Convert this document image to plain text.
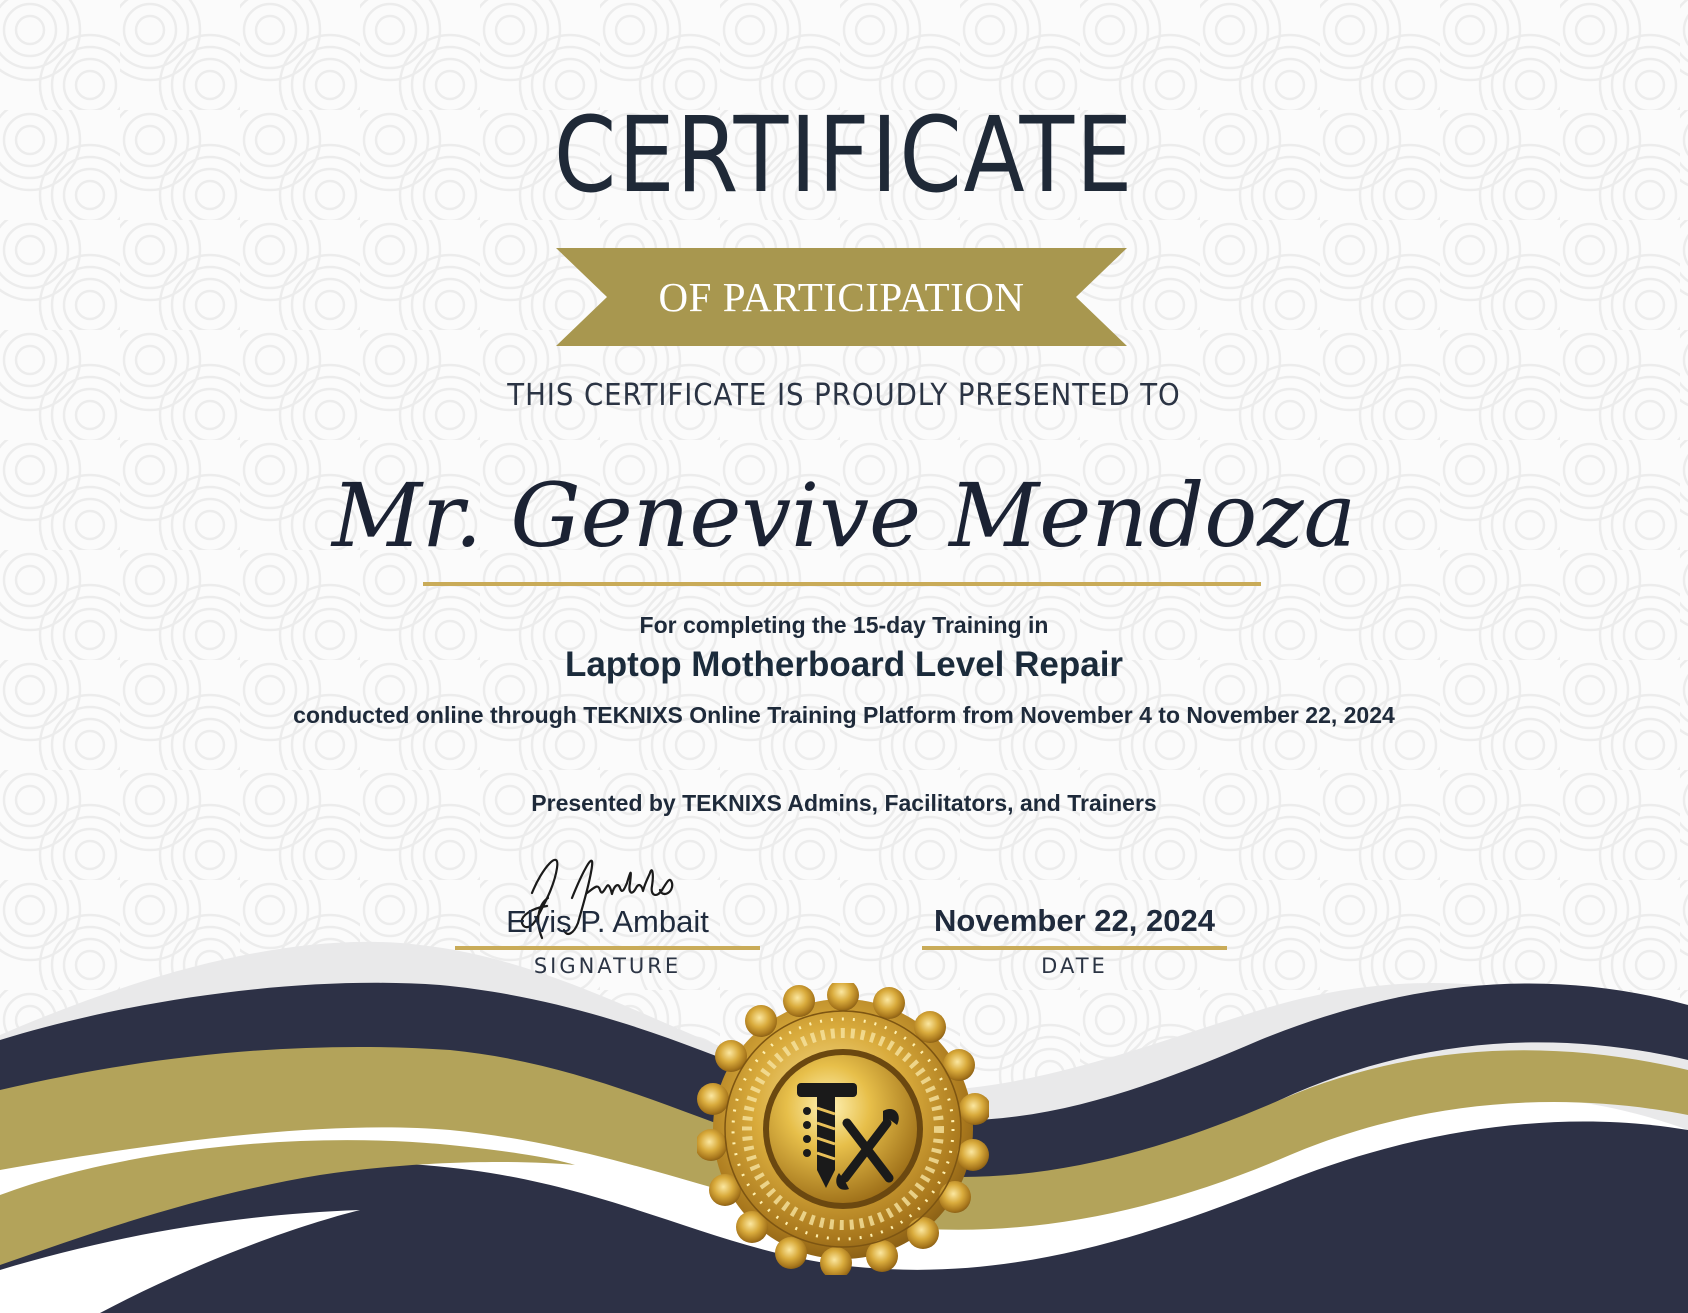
CERTIFICATE
OF PARTICIPATION
THIS CERTIFICATE IS PROUDLY PRESENTED TO
Mr. Genevive Mendoza
For completing the 15-day Training in
Laptop Motherboard Level Repair
conducted online through TEKNIXS Online Training Platform from November 4 to November 22, 2024
Presented by TEKNIXS Admins, Facilitators, and Trainers
Elvis P. Ambait
SIGNATURE
November 22, 2024
DATE
